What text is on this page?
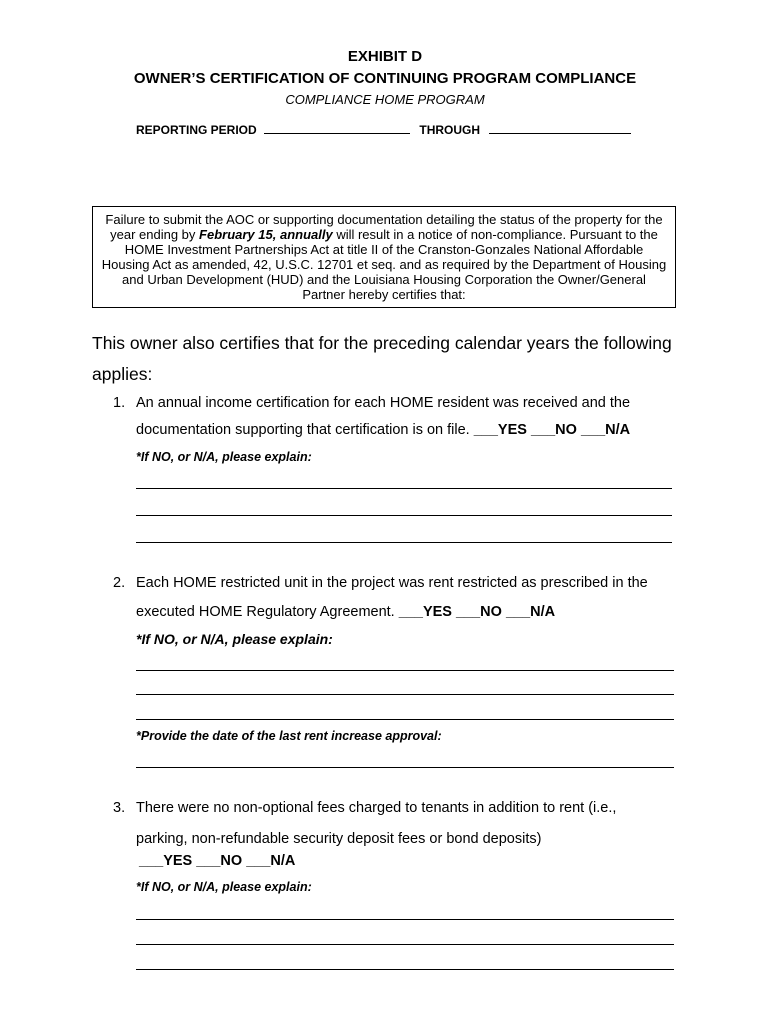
EXHIBIT D
OWNER’S CERTIFICATION OF CONTINUING PROGRAM COMPLIANCE
COMPLIANCE HOME PROGRAM
REPORTING PERIOD	THROUGH
Failure to submit the AOC or supporting documentation detailing the status of the property for the year ending by February 15, annually will result in a notice of non-compliance. Pursuant to the HOME Investment Partnerships Act at title II of the Cranston-Gonzales National Affordable Housing Act as amended, 42, U.S.C. 12701 et seq. and as required by the Department of Housing and Urban Development (HUD) and the Louisiana Housing Corporation the Owner/General Partner hereby certifies that:
This owner also certifies that for the preceding calendar years the following applies:
1. An annual income certification for each HOME resident was received and the
documentation supporting that certification is on file. ___YES ___NO ___N/A
*If NO, or N/A, please explain:
2. Each HOME restricted unit in the project was rent restricted as prescribed in the
executed HOME Regulatory Agreement. ___YES ___NO ___N/A
*If NO, or N/A, please explain:
*Provide the date of the last rent increase approval:
3. There were no non-optional fees charged to tenants in addition to rent (i.e.,
parking, non-refundable security deposit fees or bond deposits)
___YES ___NO ___N/A
*If NO, or N/A, please explain:
